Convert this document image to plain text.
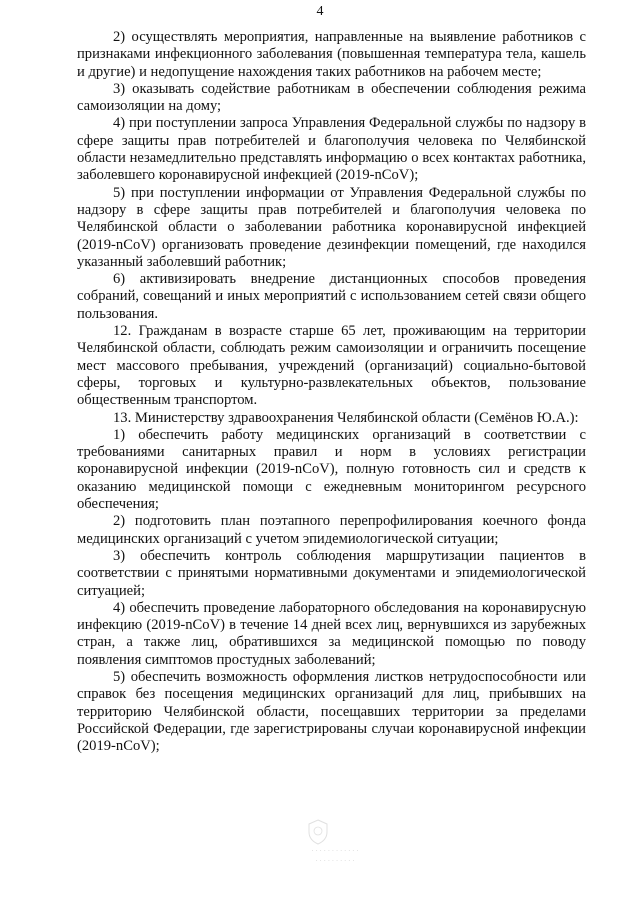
4

2) осуществлять мероприятия, направленные на выявление работников с признаками инфекционного заболевания (повышенная температура тела, кашель и другие) и недопущение нахождения таких работников на рабочем месте;

3) оказывать содействие работникам в обеспечении соблюдения режима самоизоляции на дому;

4) при поступлении запроса Управления Федеральной службы по надзору в сфере защиты прав потребителей и благополучия человека по Челябинской области незамедлительно представлять информацию о всех контактах работника, заболевшего коронавирусной инфекцией (2019-nCoV);

5) при поступлении информации от Управления Федеральной службы по надзору в сфере защиты прав потребителей и благополучия человека по Челябинской области о заболевании работника коронавирусной инфекцией (2019-nCoV) организовать проведение дезинфекции помещений, где находился указанный заболевший работник;

6) активизировать внедрение дистанционных способов проведения собраний, совещаний и иных мероприятий с использованием сетей связи общего пользования.

12. Гражданам в возрасте старше 65 лет, проживающим на территории Челябинской области, соблюдать режим самоизоляции и ограничить посещение мест массового пребывания, учреждений (организаций) социально-бытовой сферы, торговых и культурно-развлекательных объектов, пользование общественным транспортом.

13. Министерству здравоохранения Челябинской области (Семёнов Ю.А.):

1) обеспечить работу медицинских организаций в соответствии с требованиями санитарных правил и норм в условиях регистрации коронавирусной инфекции (2019-nCoV), полную готовность сил и средств к оказанию медицинской помощи с ежедневным мониторингом ресурсного обеспечения;

2) подготовить план поэтапного перепрофилирования коечного фонда медицинских организаций с учетом эпидемиологической ситуации;

3) обеспечить контроль соблюдения маршрутизации пациентов в соответствии с принятыми нормативными документами и эпидемиологической ситуацией;

4) обеспечить проведение лабораторного обследования на коронавирусную инфекцию (2019-nCoV) в течение 14 дней всех лиц, вернувшихся из зарубежных стран, а также лиц, обратившихся за медицинской помощью по поводу появления симптомов простудных заболеваний;

5) обеспечить возможность оформления листков нетрудоспособности или справок без посещения медицинских организаций для лиц, прибывших на территорию Челябинской области, посещавших территории за пределами Российской Федерации, где зарегистрированы случаи коронавирусной инфекции (2019-nCoV);

· · · · · · · · · · · ·
· · · · · · · · · ·
